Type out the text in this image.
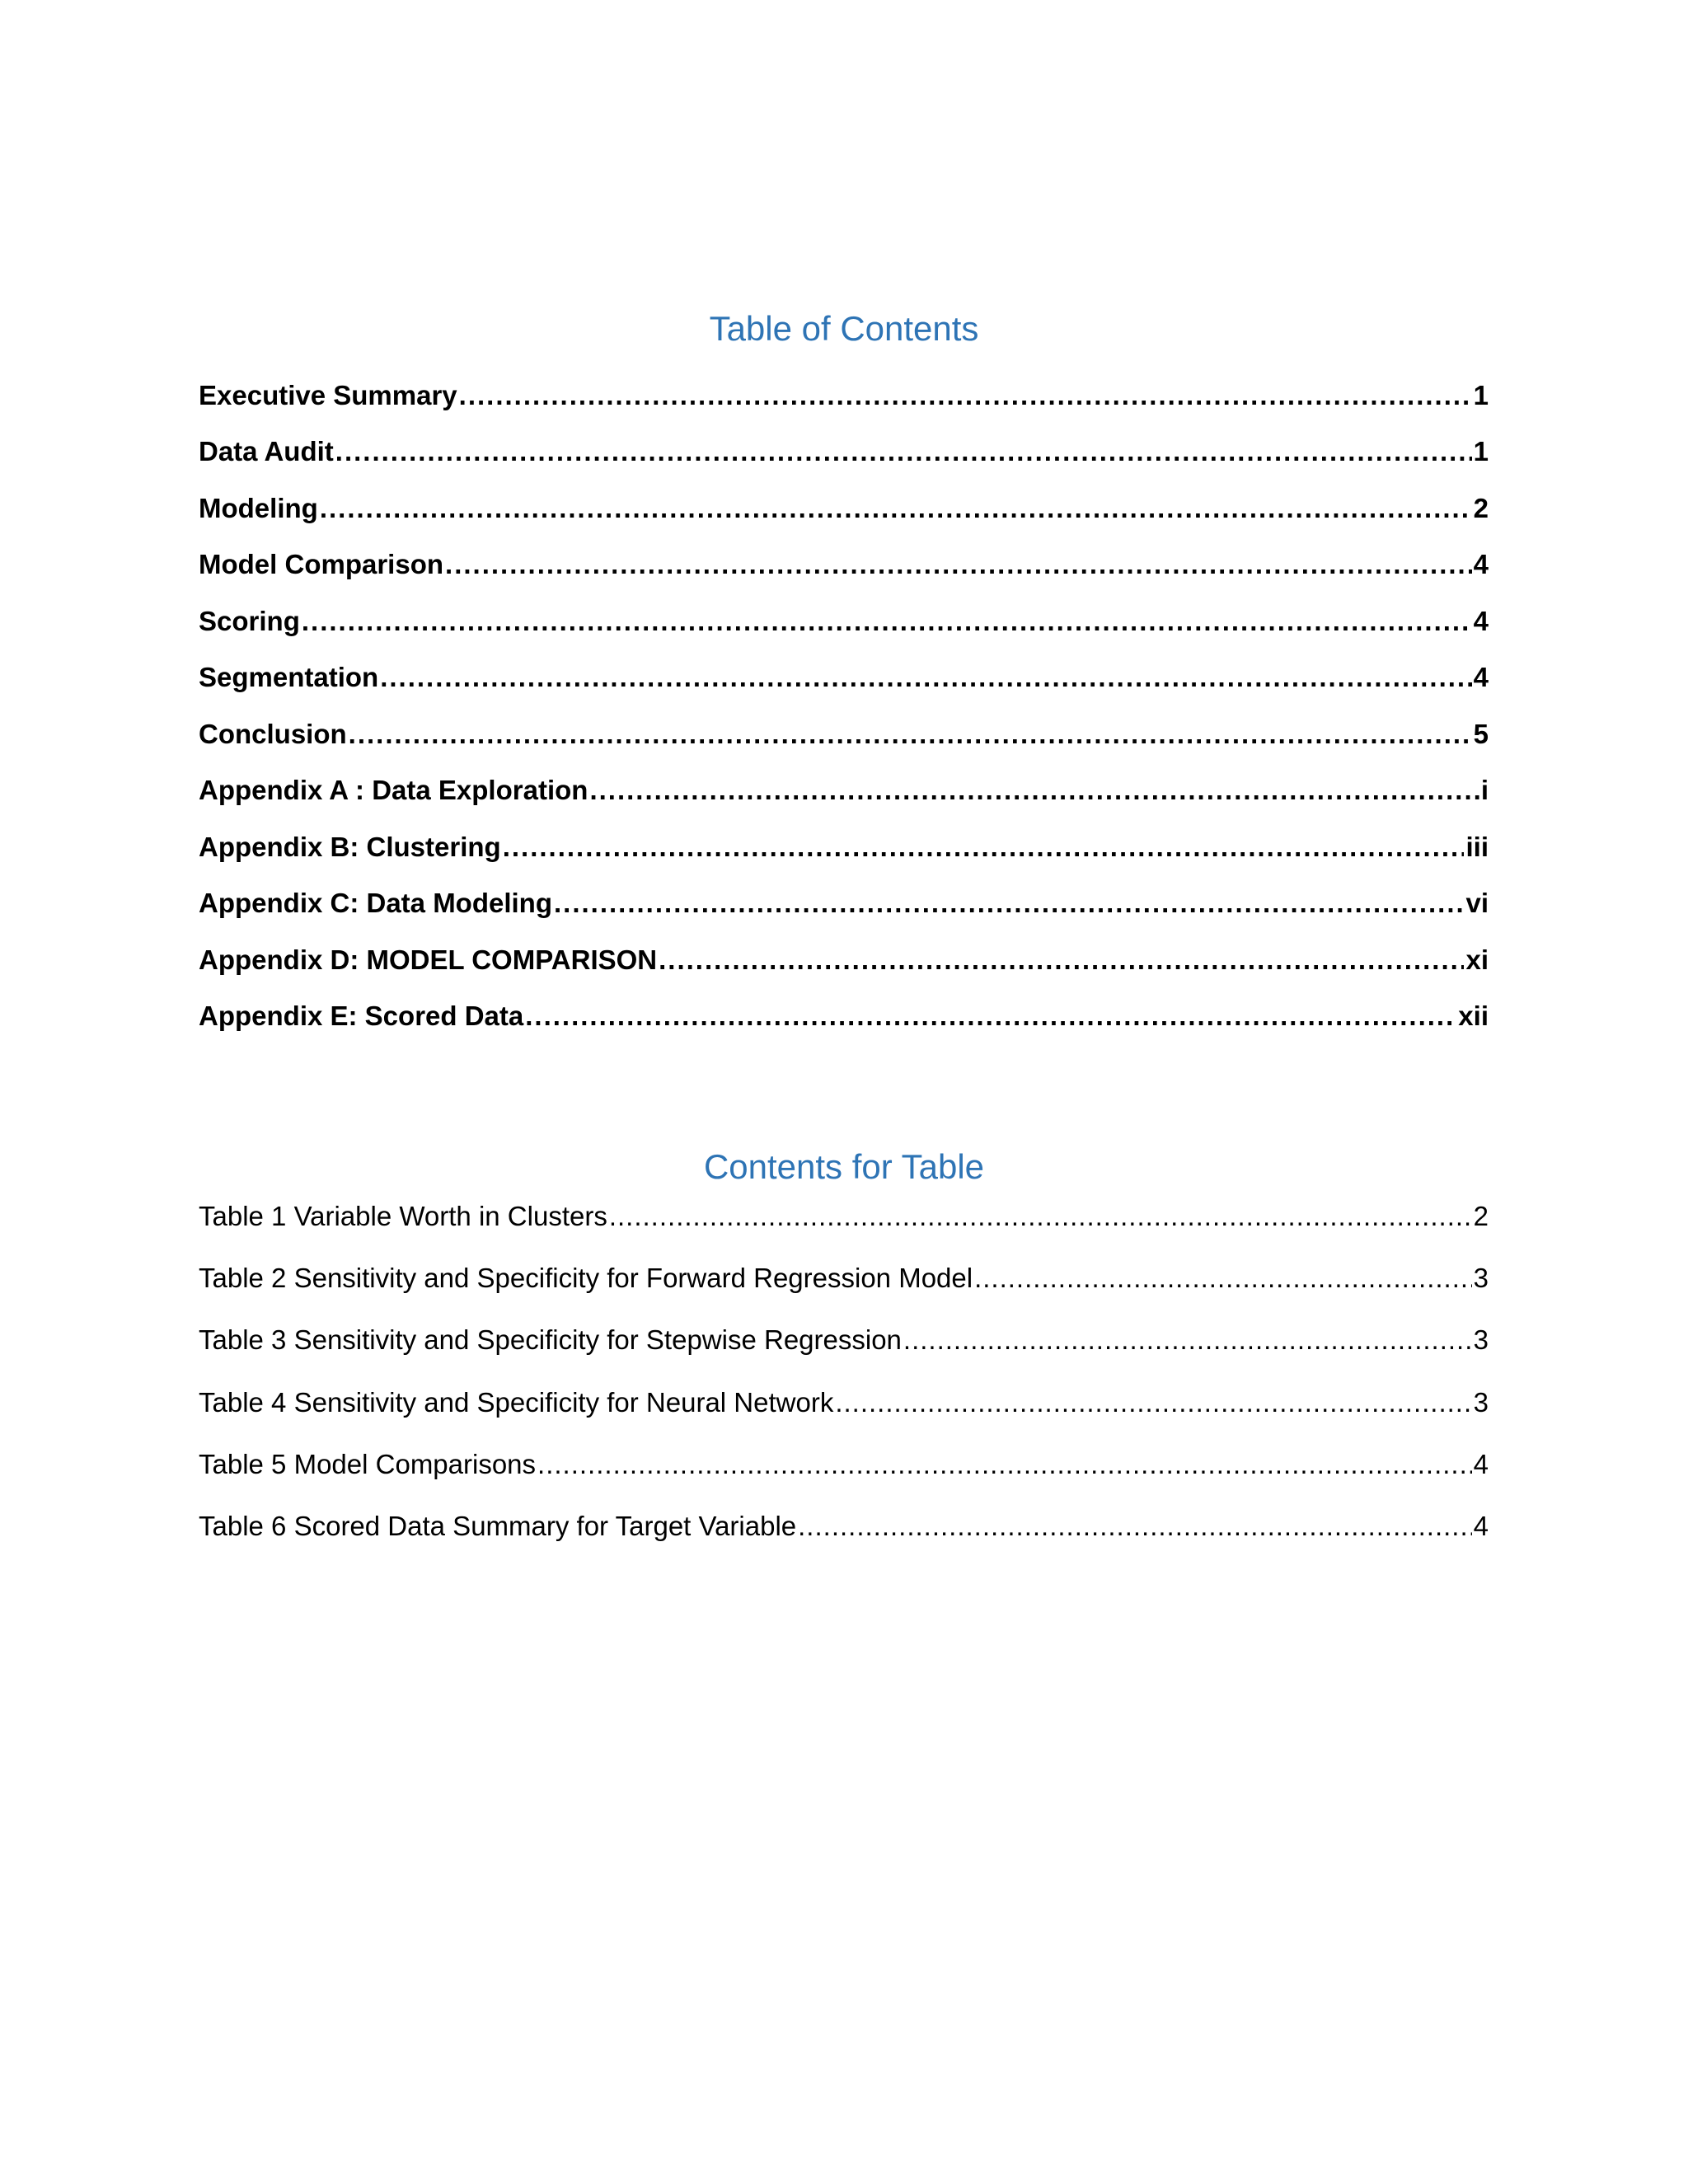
Table of Contents
Executive Summary .....	1
Data Audit .....	1
Modeling .....	2
Model Comparison .....	4
Scoring .....	4
Segmentation .....	4
Conclusion .....	5
Appendix A : Data Exploration .....	i
Appendix B: Clustering .....	iii
Appendix C: Data Modeling .....	vi
Appendix D: MODEL COMPARISON .....	xi
Appendix E: Scored Data .....	xii
Contents for Table
Table 1 Variable Worth in Clusters .....	2
Table 2 Sensitivity and Specificity for Forward Regression Model .....	3
Table 3 Sensitivity and Specificity for Stepwise Regression .....	3
Table 4 Sensitivity and Specificity for Neural Network .....	3
Table 5 Model Comparisons .....	4
Table 6 Scored Data Summary for Target Variable .....	4
